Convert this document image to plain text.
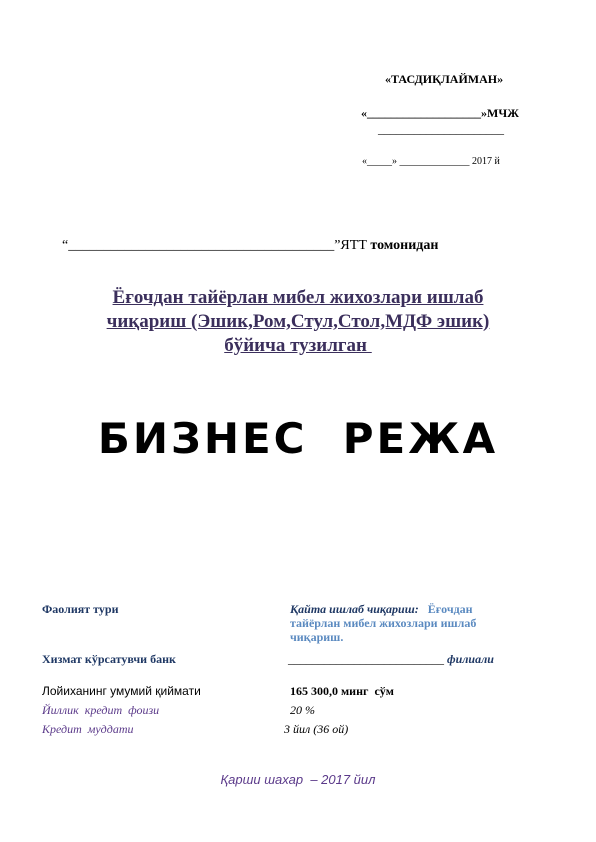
«ТАСДИҚЛАЙМАН»
«___________________»МЧЖ
_____________________
«_____» ______________ 2017 й
“______________________________________”ЯТТ томонидан
Ёғочдан тайёрлан мибел жихозлари ишлаб
чиқариш (Эшик,Ром,Стул,Стол,МДФ эшик)
бўйича тузилган
БИЗНЕС  РЕЖА
Фаолият тури	Қайта ишлаб чиқариш: Ёғочдан
тайёрлан мибел жихозлари ишлаб
чиқариш.
Хизмат кўрсатувчи банк	__________________________ филиали
Лойиханинг умумий қиймати	165 300,0 минг  сўм
Йиллик  кредит  фоизи	20 %
Кредит  муддати	3 йил (36 ой)
Қарши шахар  – 2017 йил
